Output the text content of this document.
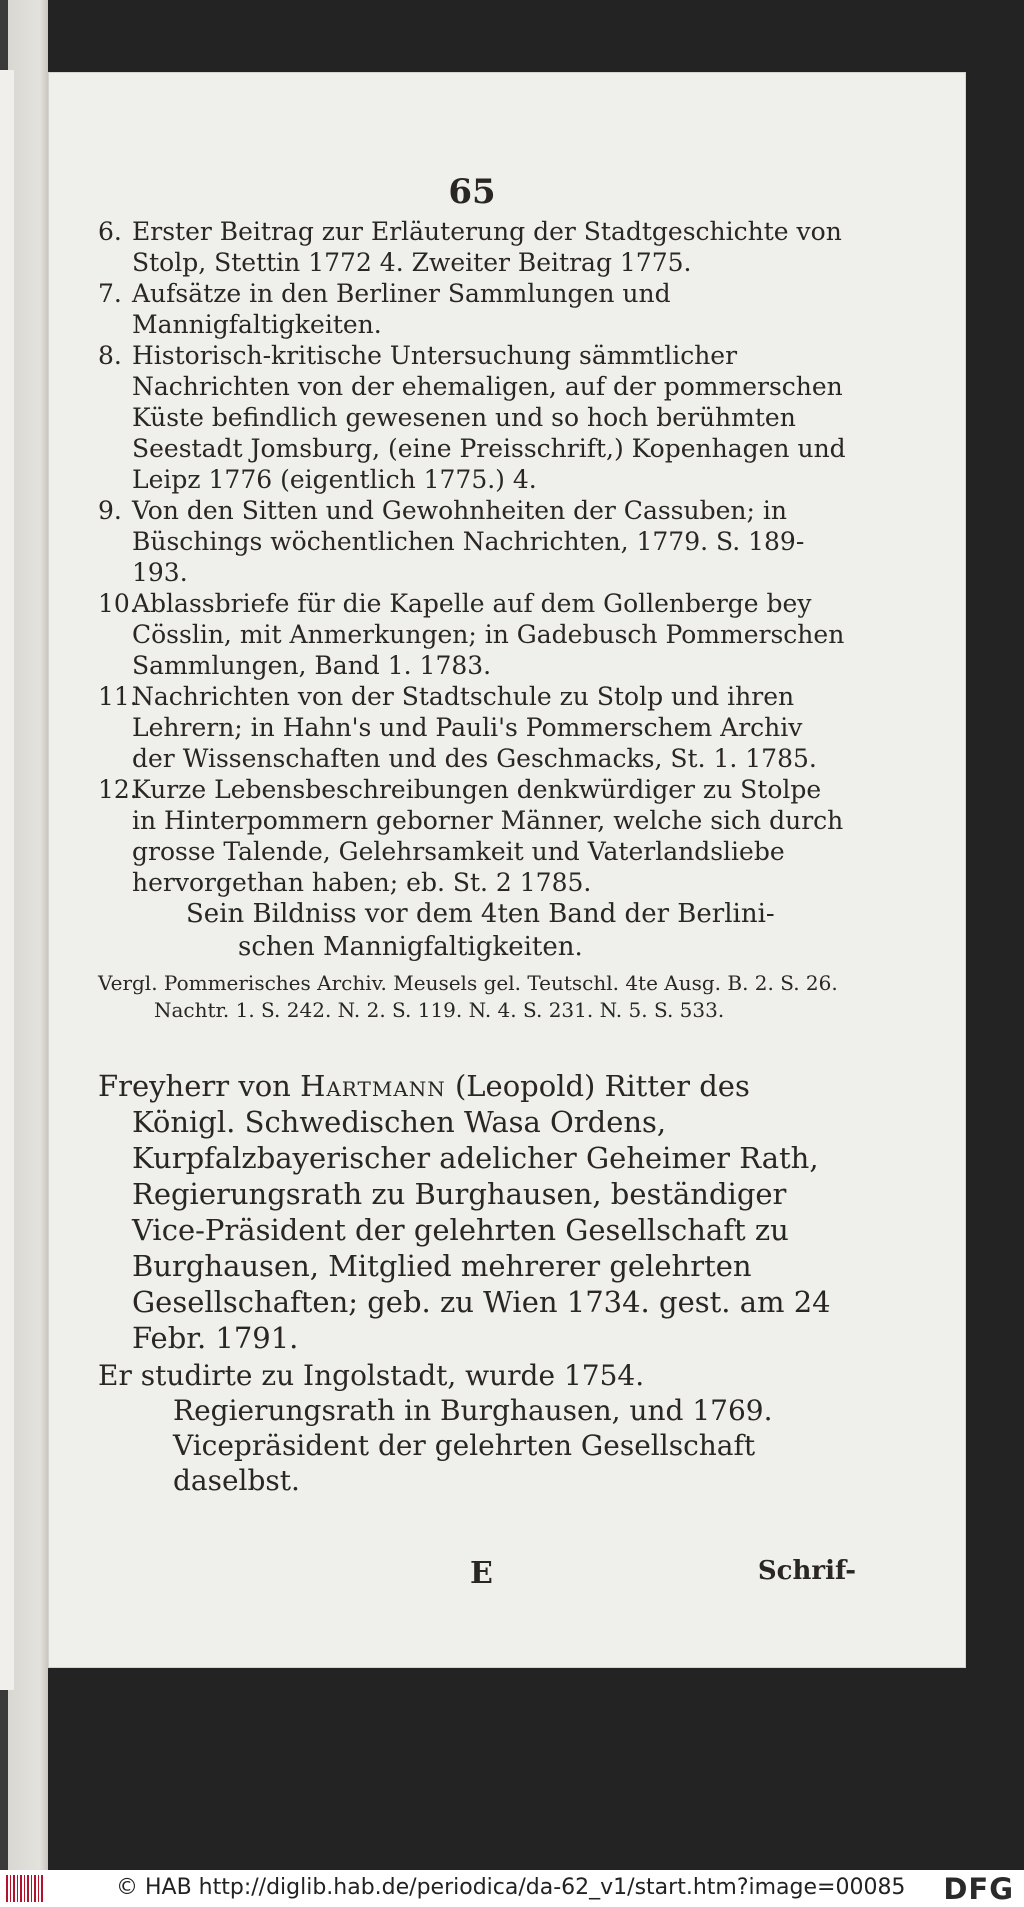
65
6. Erster Beitrag zur Erläuterung der Stadtgeschichte von Stolp, Stettin 1772 4. Zweiter Beitrag 1775.
7. Aufsätze in den Berliner Sammlungen und Mannigfaltigkeiten.
8. Historisch-kritische Untersuchung sämmtlicher Nachrichten von der ehemaligen, auf der pommerschen Küste befindlich gewesenen und so hoch berühmten Seestadt Jomsburg, (eine Preisschrift,) Kopenhagen und Leipz 1776 (eigentlich 1775.) 4.
9. Von den Sitten und Gewohnheiten der Cassuben; in Büschings wöchentlichen Nachrichten, 1779. S. 189-193.
10.Ablassbriefe für die Kapelle auf dem Gollenberge bey Cösslin, mit Anmerkungen; in Gadebusch Pommerschen Sammlungen, Band 1. 1783.
11.Nachrichten von der Stadtschule zu Stolp und ihren Lehrern; in Hahn's und Pauli's Pommerschem Archiv der Wissenschaften und des Geschmacks, St. 1. 1785.
12.Kurze Lebensbeschreibungen denkwürdiger zu Stolpe in Hinterpommern geborner Männer, welche sich durch grosse Talende, Gelehrsamkeit und Vaterlandsliebe hervorgethan haben; eb. St. 2 1785.
Sein Bildniss vor dem 4ten Band der Berlini-
schen Mannigfaltigkeiten.
Vergl. Pommerisches Archiv. Meusels gel. Teutschl. 4te Ausg. B. 2. S. 26. Nachtr. 1. S. 242. N. 2. S. 119. N. 4. S. 231. N. 5. S. 533.
Freyherr von Hartmann (Leopold) Ritter des Königl. Schwedischen Wasa Ordens, Kurpfalzbayerischer adelicher Geheimer Rath, Regierungsrath zu Burghausen, beständiger Vice-Präsident der gelehrten Gesellschaft zu Burghausen, Mitglied mehrerer gelehrten Gesellschaften; geb. zu Wien 1734. gest. am 24 Febr. 1791.
Er studirte zu Ingolstadt, wurde 1754. Regierungsrath in Burghausen, und 1769. Vicepräsident der gelehrten Gesellschaft daselbst.
E	Schrif-
© HAB http://diglib.hab.de/periodica/da-62_v1/start.htm?image=00085 DFG
